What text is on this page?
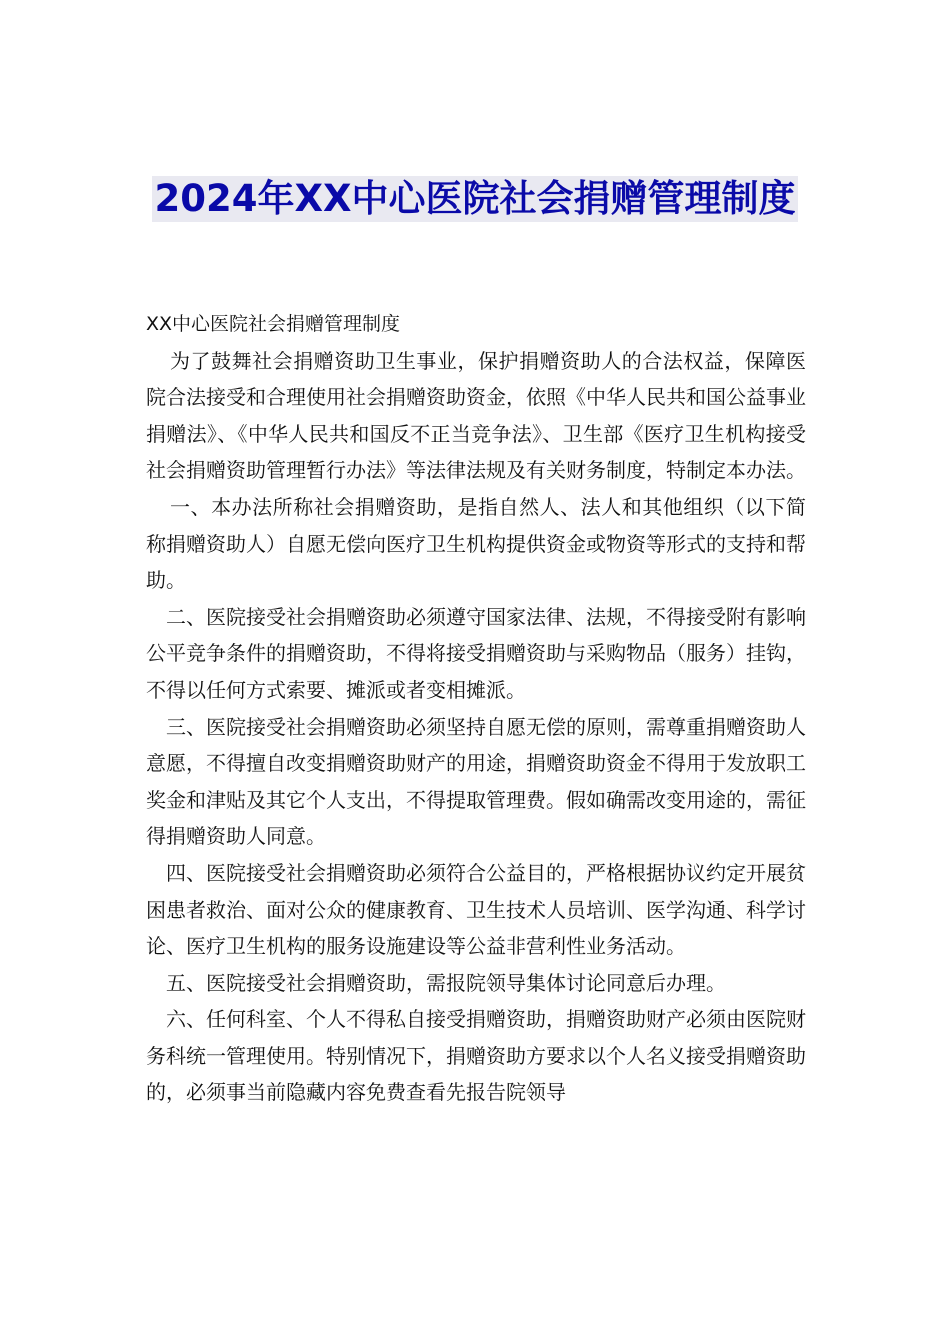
2024年XX中心医院社会捐赠管理制度

XX中心医院社会捐赠管理制度

为了鼓舞社会捐赠资助卫生事业，保护捐赠资助人的合法权益，保障医院合法接受和合理使用社会捐赠资助资金，依照《中华人民共和国公益事业捐赠法》、《中华人民共和国反不正当竞争法》、卫生部《医疗卫生机构接受社会捐赠资助管理暂行办法》等法律法规及有关财务制度，特制定本办法。

一、本办法所称社会捐赠资助，是指自然人、法人和其他组织（以下简称捐赠资助人）自愿无偿向医疗卫生机构提供资金或物资等形式的支持和帮助。

二、医院接受社会捐赠资助必须遵守国家法律、法规，不得接受附有影响公平竞争条件的捐赠资助，不得将接受捐赠资助与采购物品（服务）挂钩，不得以任何方式索要、摊派或者变相摊派。

三、医院接受社会捐赠资助必须坚持自愿无偿的原则，需尊重捐赠资助人意愿，不得擅自改变捐赠资助财产的用途，捐赠资助资金不得用于发放职工奖金和津贴及其它个人支出，不得提取管理费。假如确需改变用途的，需征得捐赠资助人同意。

四、医院接受社会捐赠资助必须符合公益目的，严格根据协议约定开展贫困患者救治、面对公众的健康教育、卫生技术人员培训、医学沟通、科学讨论、医疗卫生机构的服务设施建设等公益非营利性业务活动。

五、医院接受社会捐赠资助，需报院领导集体讨论同意后办理。

六、任何科室、个人不得私自接受捐赠资助，捐赠资助财产必须由医院财务科统一管理使用。特别情况下，捐赠资助方要求以个人名义接受捐赠资助的，必须事当前隐藏内容免费查看先报告院领导
